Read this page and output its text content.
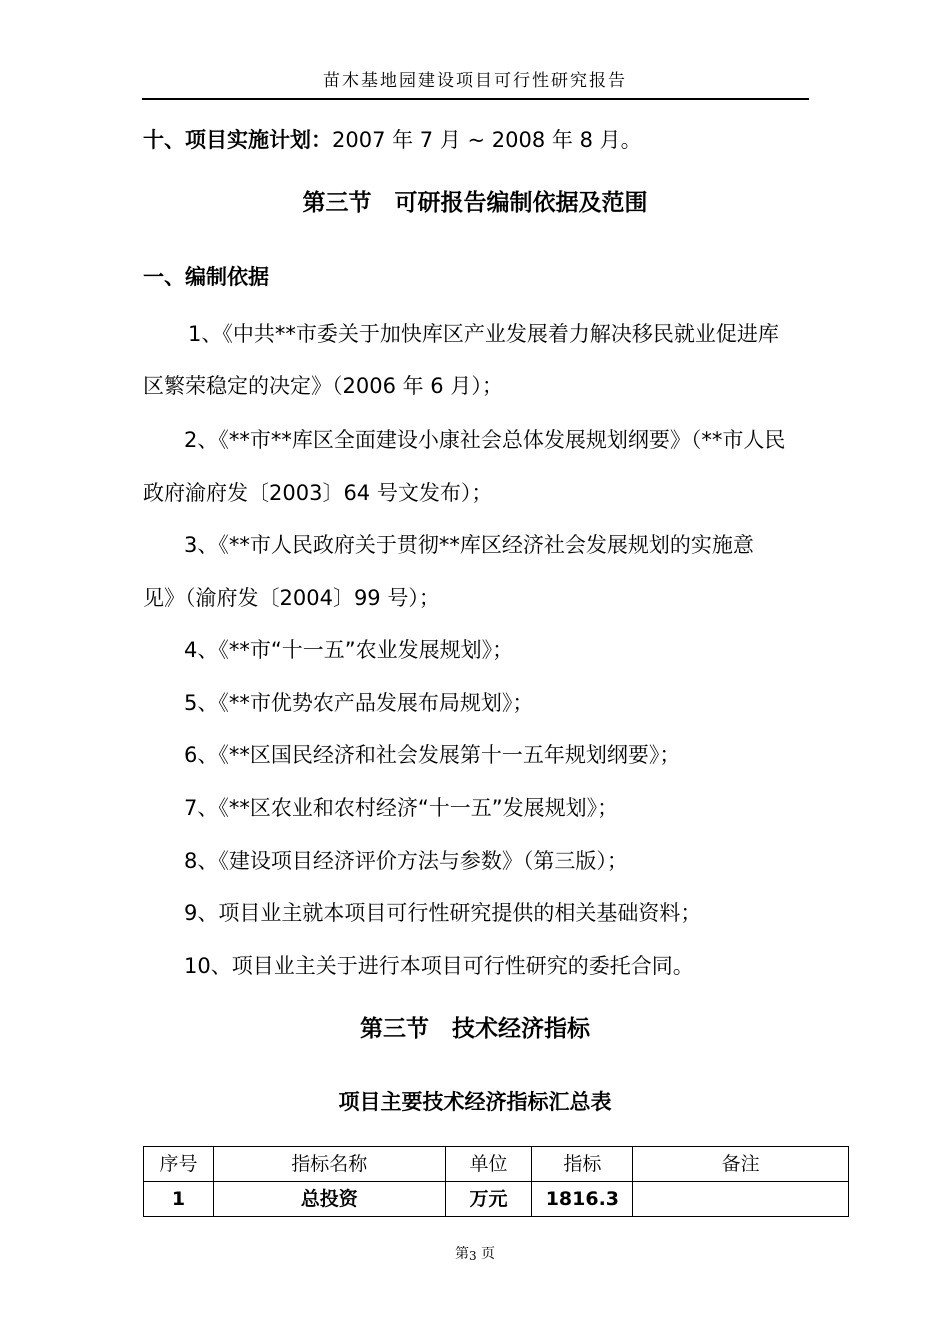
苗木基地园建设项目可行性研究报告
十、项目实施计划：2007 年 7 月 ~ 2008 年 8 月。
第三节　可研报告编制依据及范围
一、编制依据
1、《中共**市委关于加快库区产业发展着力解决移民就业促进库
区繁荣稳定的决定》（2006 年 6 月）；
2、《**市**库区全面建设小康社会总体发展规划纲要》（**市人民
政府渝府发〔2003〕64 号文发布）；
3、《**市人民政府关于贯彻**库区经济社会发展规划的实施意
见》（渝府发〔2004〕99 号）；
4、《**市“十一五”农业发展规划》；
5、《**市优势农产品发展布局规划》；
6、《**区国民经济和社会发展第十一五年规划纲要》；
7、《**区农业和农村经济“十一五”发展规划》；
8、《建设项目经济评价方法与参数》（第三版）；
9、项目业主就本项目可行性研究提供的相关基础资料；
10、项目业主关于进行本项目可行性研究的委托合同。
第三节　技术经济指标
项目主要技术经济指标汇总表
序号	指标名称	单位	指标	备注
1	总投资	万元	1816.3	
第3 页
